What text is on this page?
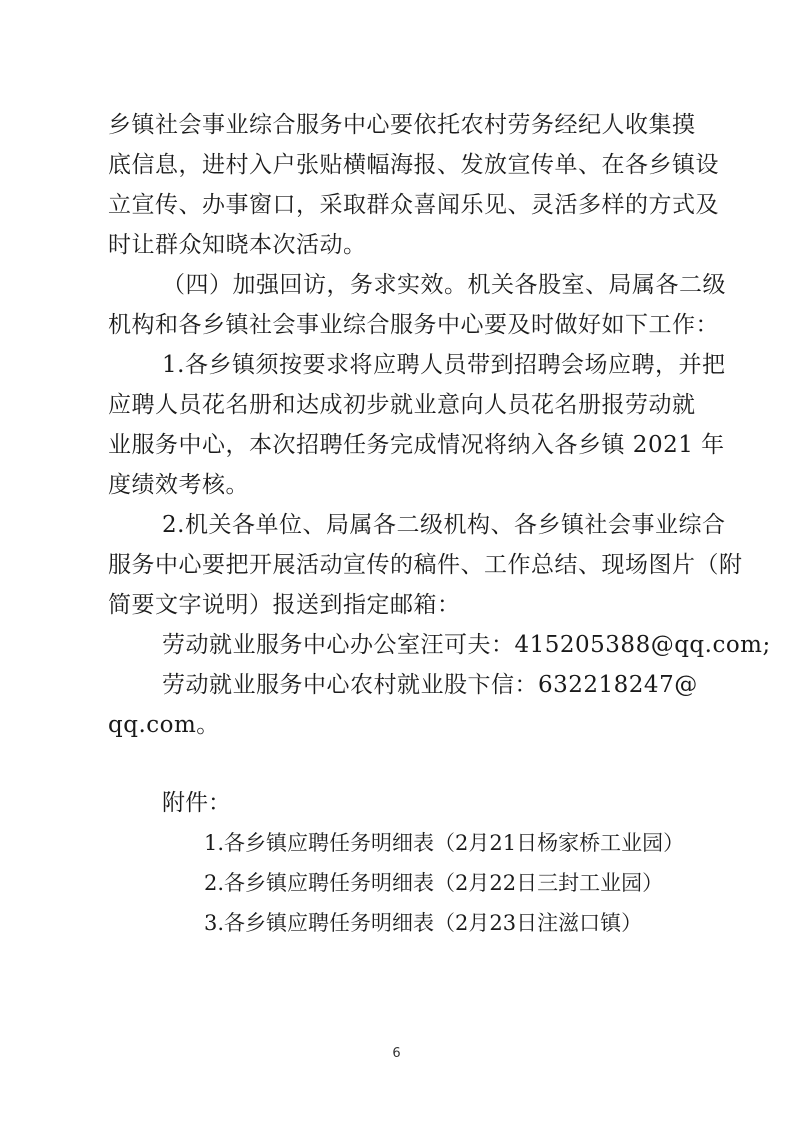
乡镇社会事业综合服务中心要依托农村劳务经纪人收集摸
底信息，进村入户张贴横幅海报、发放宣传单、在各乡镇设
立宣传、办事窗口，采取群众喜闻乐见、灵活多样的方式及
时让群众知晓本次活动。
（四）加强回访，务求实效。机关各股室、局属各二级
机构和各乡镇社会事业综合服务中心要及时做好如下工作：
1.各乡镇须按要求将应聘人员带到招聘会场应聘，并把
应聘人员花名册和达成初步就业意向人员花名册报劳动就
业服务中心，本次招聘任务完成情况将纳入各乡镇 2021 年
度绩效考核。
2.机关各单位、局属各二级机构、各乡镇社会事业综合
服务中心要把开展活动宣传的稿件、工作总结、现场图片（附
简要文字说明）报送到指定邮箱：
劳动就业服务中心办公室汪可夫：415205388@qq.com;
劳动就业服务中心农村就业股卞信：632218247@
qq.com。
附件：
1.各乡镇应聘任务明细表（2月21日杨家桥工业园）
2.各乡镇应聘任务明细表（2月22日三封工业园）
3.各乡镇应聘任务明细表（2月23日注滋口镇）
6
